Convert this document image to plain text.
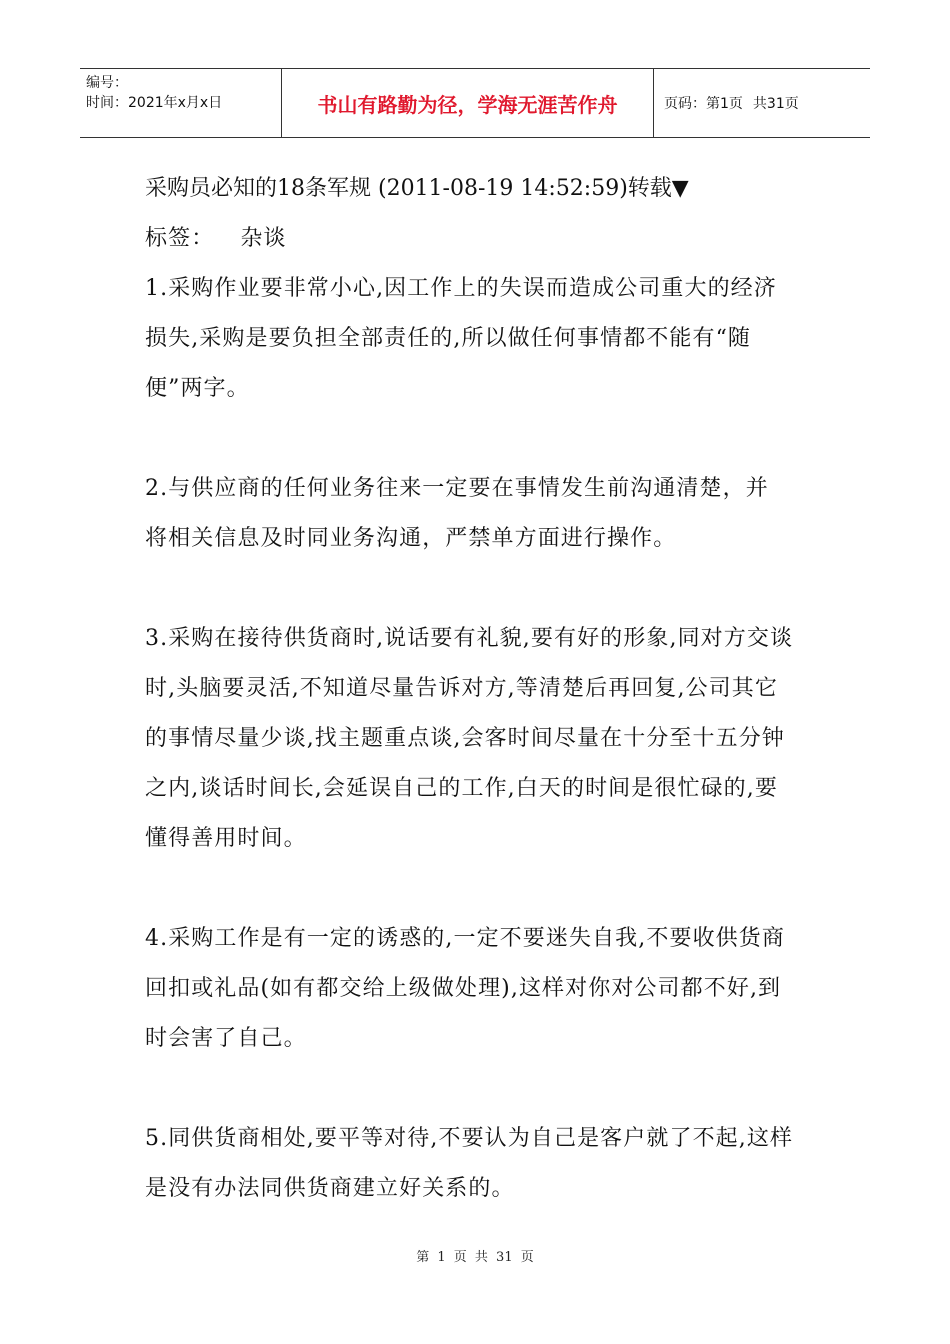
编号：
时间：2021年x月x日	书山有路勤为径，学海无涯苦作舟	页码：第1页 共31页
采购员必知的18条军规 (2011-08-19 14:52:59)转载▼
标签： 杂谈
1.采购作业要非常小心,因工作上的失误而造成公司重大的经济
损失,采购是要负担全部责任的,所以做任何事情都不能有“随
便”两字。
2.与供应商的任何业务往来一定要在事情发生前沟通清楚，并
将相关信息及时同业务沟通，严禁单方面进行操作。
3.采购在接待供货商时,说话要有礼貌,要有好的形象,同对方交谈
时,头脑要灵活,不知道尽量告诉对方,等清楚后再回复,公司其它
的事情尽量少谈,找主题重点谈,会客时间尽量在十分至十五分钟
之内,谈话时间长,会延误自己的工作,白天的时间是很忙碌的,要
懂得善用时间。
4.采购工作是有一定的诱惑的,一定不要迷失自我,不要收供货商
回扣或礼品(如有都交给上级做处理),这样对你对公司都不好,到
时会害了自己。
5.同供货商相处,要平等对待,不要认为自己是客户就了不起,这样
是没有办法同供货商建立好关系的。
第 1 页 共 31 页
